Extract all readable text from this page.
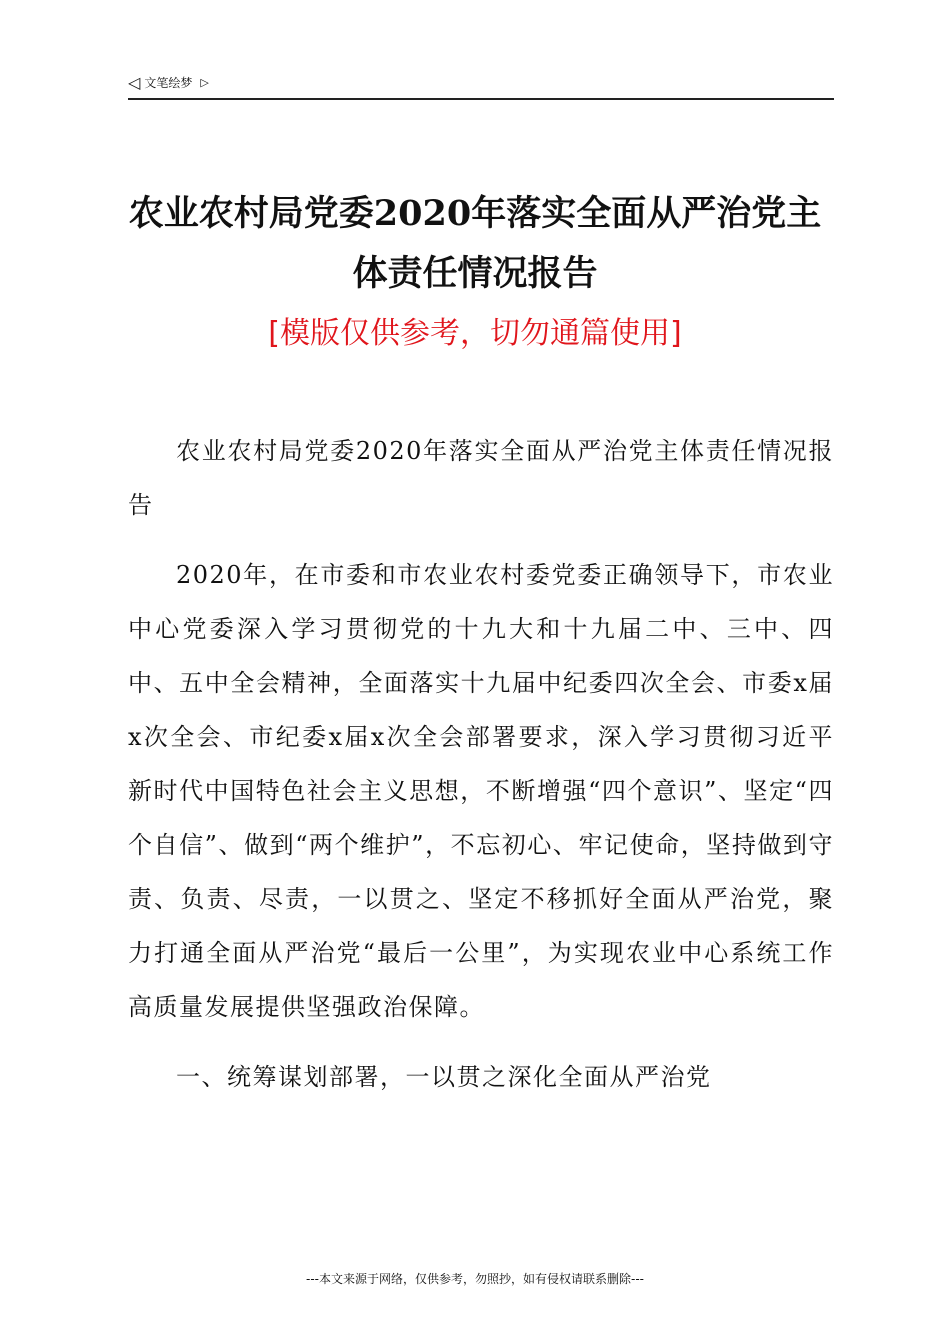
◁ 文笔绘梦 ▷
农业农村局党委2020年落实全面从严治党主体责任情况报告
[模版仅供参考，切勿通篇使用]

农业农村局党委2020年落实全面从严治党主体责任情况报告

2020年，在市委和市农业农村委党委正确领导下，市农业中心党委深入学习贯彻党的十九大和十九届二中、三中、四中、五中全会精神，全面落实十九届中纪委四次全会、市委x届x次全会、市纪委x届x次全会部署要求，深入学习贯彻习近平新时代中国特色社会主义思想，不断增强“四个意识”、坚定“四个自信”、做到“两个维护”，不忘初心、牢记使命，坚持做到守责、负责、尽责，一以贯之、坚定不移抓好全面从严治党，聚力打通全面从严治党“最后一公里”，为实现农业中心系统工作高质量发展提供坚强政治保障。

一、统筹谋划部署，一以贯之深化全面从严治党

---本文来源于网络，仅供参考，勿照抄，如有侵权请联系删除---
